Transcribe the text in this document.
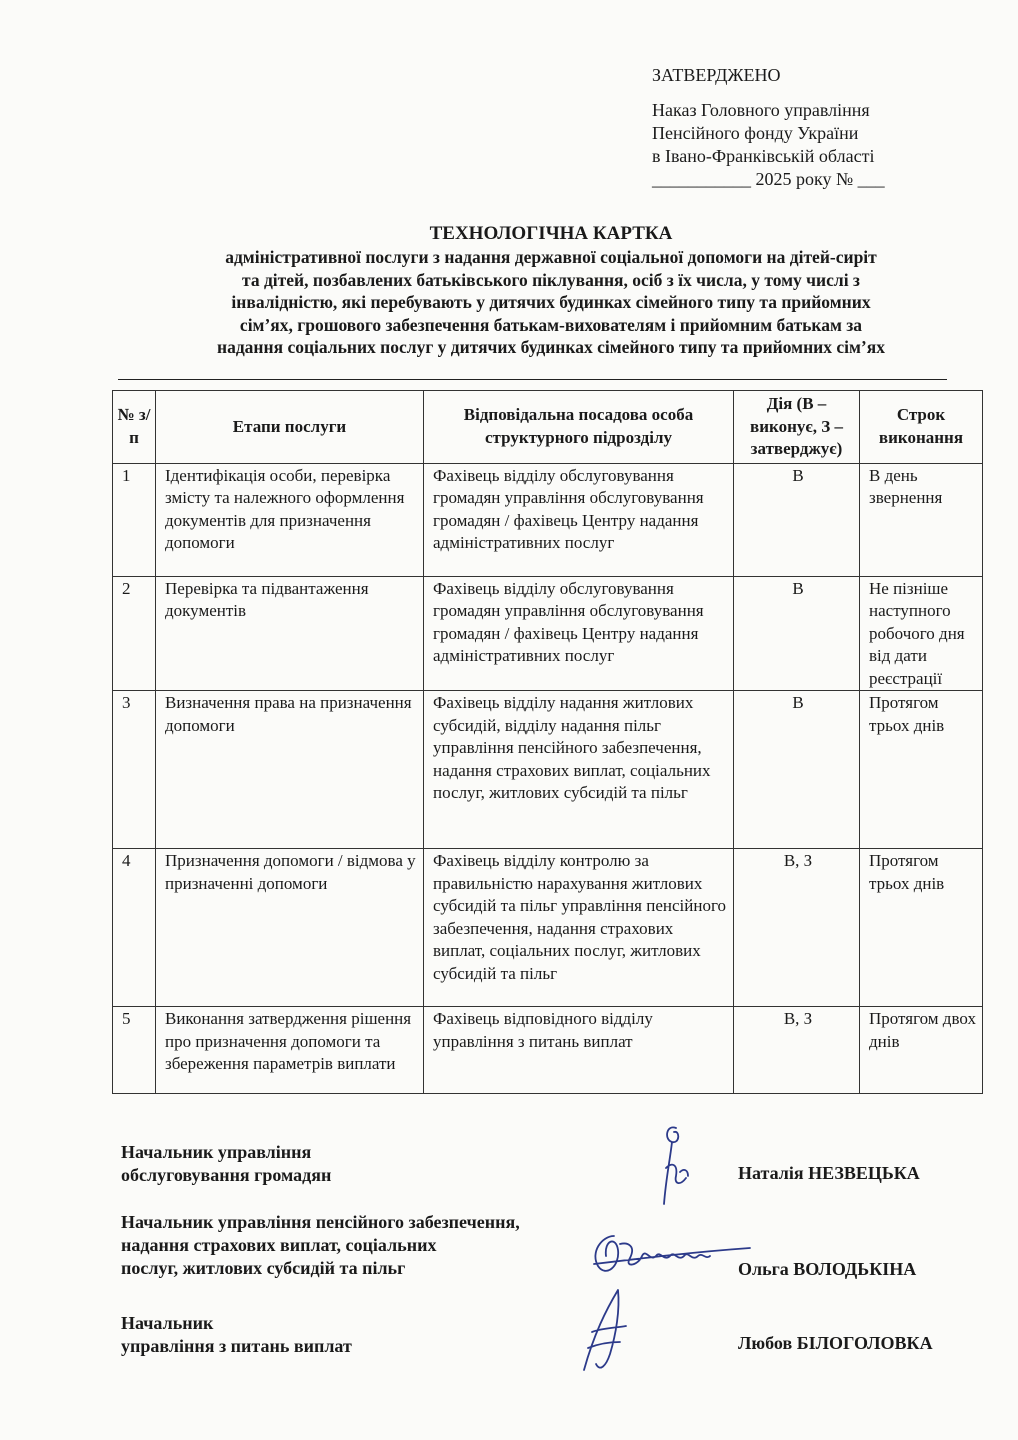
ЗАТВЕРДЖЕНО
Наказ Головного управління
Пенсійного фонду України
в Івано-Франківській області
___________ 2025 року № ___
ТЕХНОЛОГІЧНА КАРТКА
адміністративної послуги з надання державної соціальної допомоги на дітей-сиріт
та дітей, позбавлених батьківського піклування, осіб з їх числа, у тому числі з
інвалідністю, які перебувають у дитячих будинках сімейного типу та прийомних
сім’ях, грошового забезпечення батькам-вихователям і прийомним батькам за
надання соціальних послуг у дитячих будинках сімейного типу та прийомних сім’ях
№ з/п	Етапи послуги	Відповідальна посадова особа структурного підрозділу	Дія (В – виконує, З – затверджує)	Строк виконання
1	Ідентифікація особи, перевірка змісту та належного оформлення документів для призначення допомоги	Фахівець відділу обслуговування громадян управління обслуговування громадян / фахівець Центру надання адміністративних послуг	В	В день звернення
2	Перевірка та підвантаження документів	Фахівець відділу обслуговування громадян управління обслуговування громадян / фахівець Центру надання адміністративних послуг	В	Не пізніше наступного робочого дня від дати реєстрації
3	Визначення права на призначення допомоги	Фахівець відділу надання житлових субсидій, відділу надання пільг управління пенсійного забезпечення, надання страхових виплат, соціальних послуг, житлових субсидій та пільг	В	Протягом трьох днів
4	Призначення допомоги / відмова у призначенні допомоги	Фахівець відділу контролю за правильністю нарахування житлових субсидій та пільг управління пенсійного забезпечення, надання страхових виплат, соціальних послуг, житлових субсидій та пільг	В, З	Протягом трьох днів
5	Виконання затвердження рішення про призначення допомоги та збереження параметрів виплати	Фахівець відповідного відділу управління з питань виплат	В, З	Протягом двох днів
Начальник управління
обслуговування громадян	Наталія НЕЗВЕЦЬКА
Начальник управління пенсійного забезпечення,
надання страхових виплат, соціальних
послуг, житлових субсидій та пільг	Ольга ВОЛОДЬКІНА
Начальник
управління з питань виплат	Любов БІЛОГОЛОВКА
